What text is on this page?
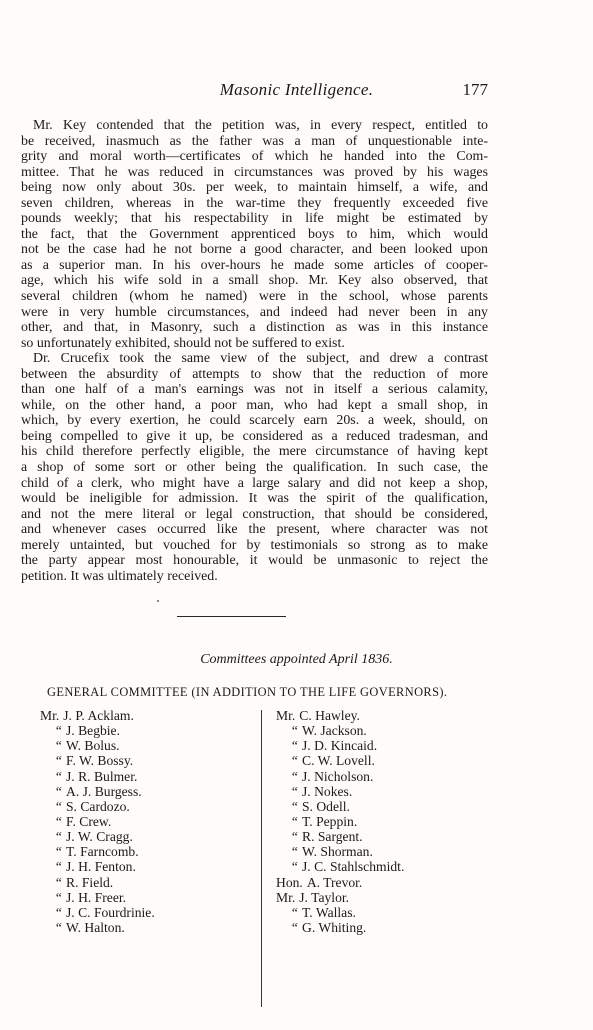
Masonic Intelligence.	177
Mr. Key contended that the petition was, in every respect, entitled to
be received, inasmuch as the father was a man of unquestionable inte-
grity and moral worth—certificates of which he handed into the Com-
mittee. That he was reduced in circumstances was proved by his wages
being now only about 30s. per week, to maintain himself, a wife, and
seven children, whereas in the war-time they frequently exceeded five
pounds weekly; that his respectability in life might be estimated by
the fact, that the Government apprenticed boys to him, which would
not be the case had he not borne a good character, and been looked upon
as a superior man. In his over-hours he made some articles of cooper-
age, which his wife sold in a small shop. Mr. Key also observed, that
several children (whom he named) were in the school, whose parents
were in very humble circumstances, and indeed had never been in any
other, and that, in Masonry, such a distinction as was in this instance
so unfortunately exhibited, should not be suffered to exist.
Dr. Crucefix took the same view of the subject, and drew a contrast
between the absurdity of attempts to show that the reduction of more
than one half of a man's earnings was not in itself a serious calamity,
while, on the other hand, a poor man, who had kept a small shop, in
which, by every exertion, he could scarcely earn 20s. a week, should, on
being compelled to give it up, be considered as a reduced tradesman, and
his child therefore perfectly eligible, the mere circumstance of having kept
a shop of some sort or other being the qualification. In such case, the
child of a clerk, who might have a large salary and did not keep a shop,
would be ineligible for admission. It was the spirit of the qualification,
and not the mere literal or legal construction, that should be considered,
and whenever cases occurred like the present, where character was not
merely untainted, but vouched for by testimonials so strong as to make
the party appear most honourable, it would be unmasonic to reject the
petition. It was ultimately received.
Committees appointed April 1836.
GENERAL COMMITTEE (IN ADDITION TO THE LIFE GOVERNORS).
Mr. J. P. Acklam.
“ J. Begbie.
“ W. Bolus.
“ F. W. Bossy.
“ J. R. Bulmer.
“ A. J. Burgess.
“ S. Cardozo.
“ F. Crew.
“ J. W. Cragg.
“ T. Farncomb.
“ J. H. Fenton.
“ R. Field.
“ J. H. Freer.
“ J. C. Fourdrinie.
“ W. Halton.
Mr. C. Hawley.
“ W. Jackson.
“ J. D. Kincaid.
“ C. W. Lovell.
“ J. Nicholson.
“ J. Nokes.
“ S. Odell.
“ T. Peppin.
“ R. Sargent.
“ W. Shorman.
“ J. C. Stahlschmidt.
Hon. A. Trevor.
Mr. J. Taylor.
“ T. Wallas.
“ G. Whiting.
